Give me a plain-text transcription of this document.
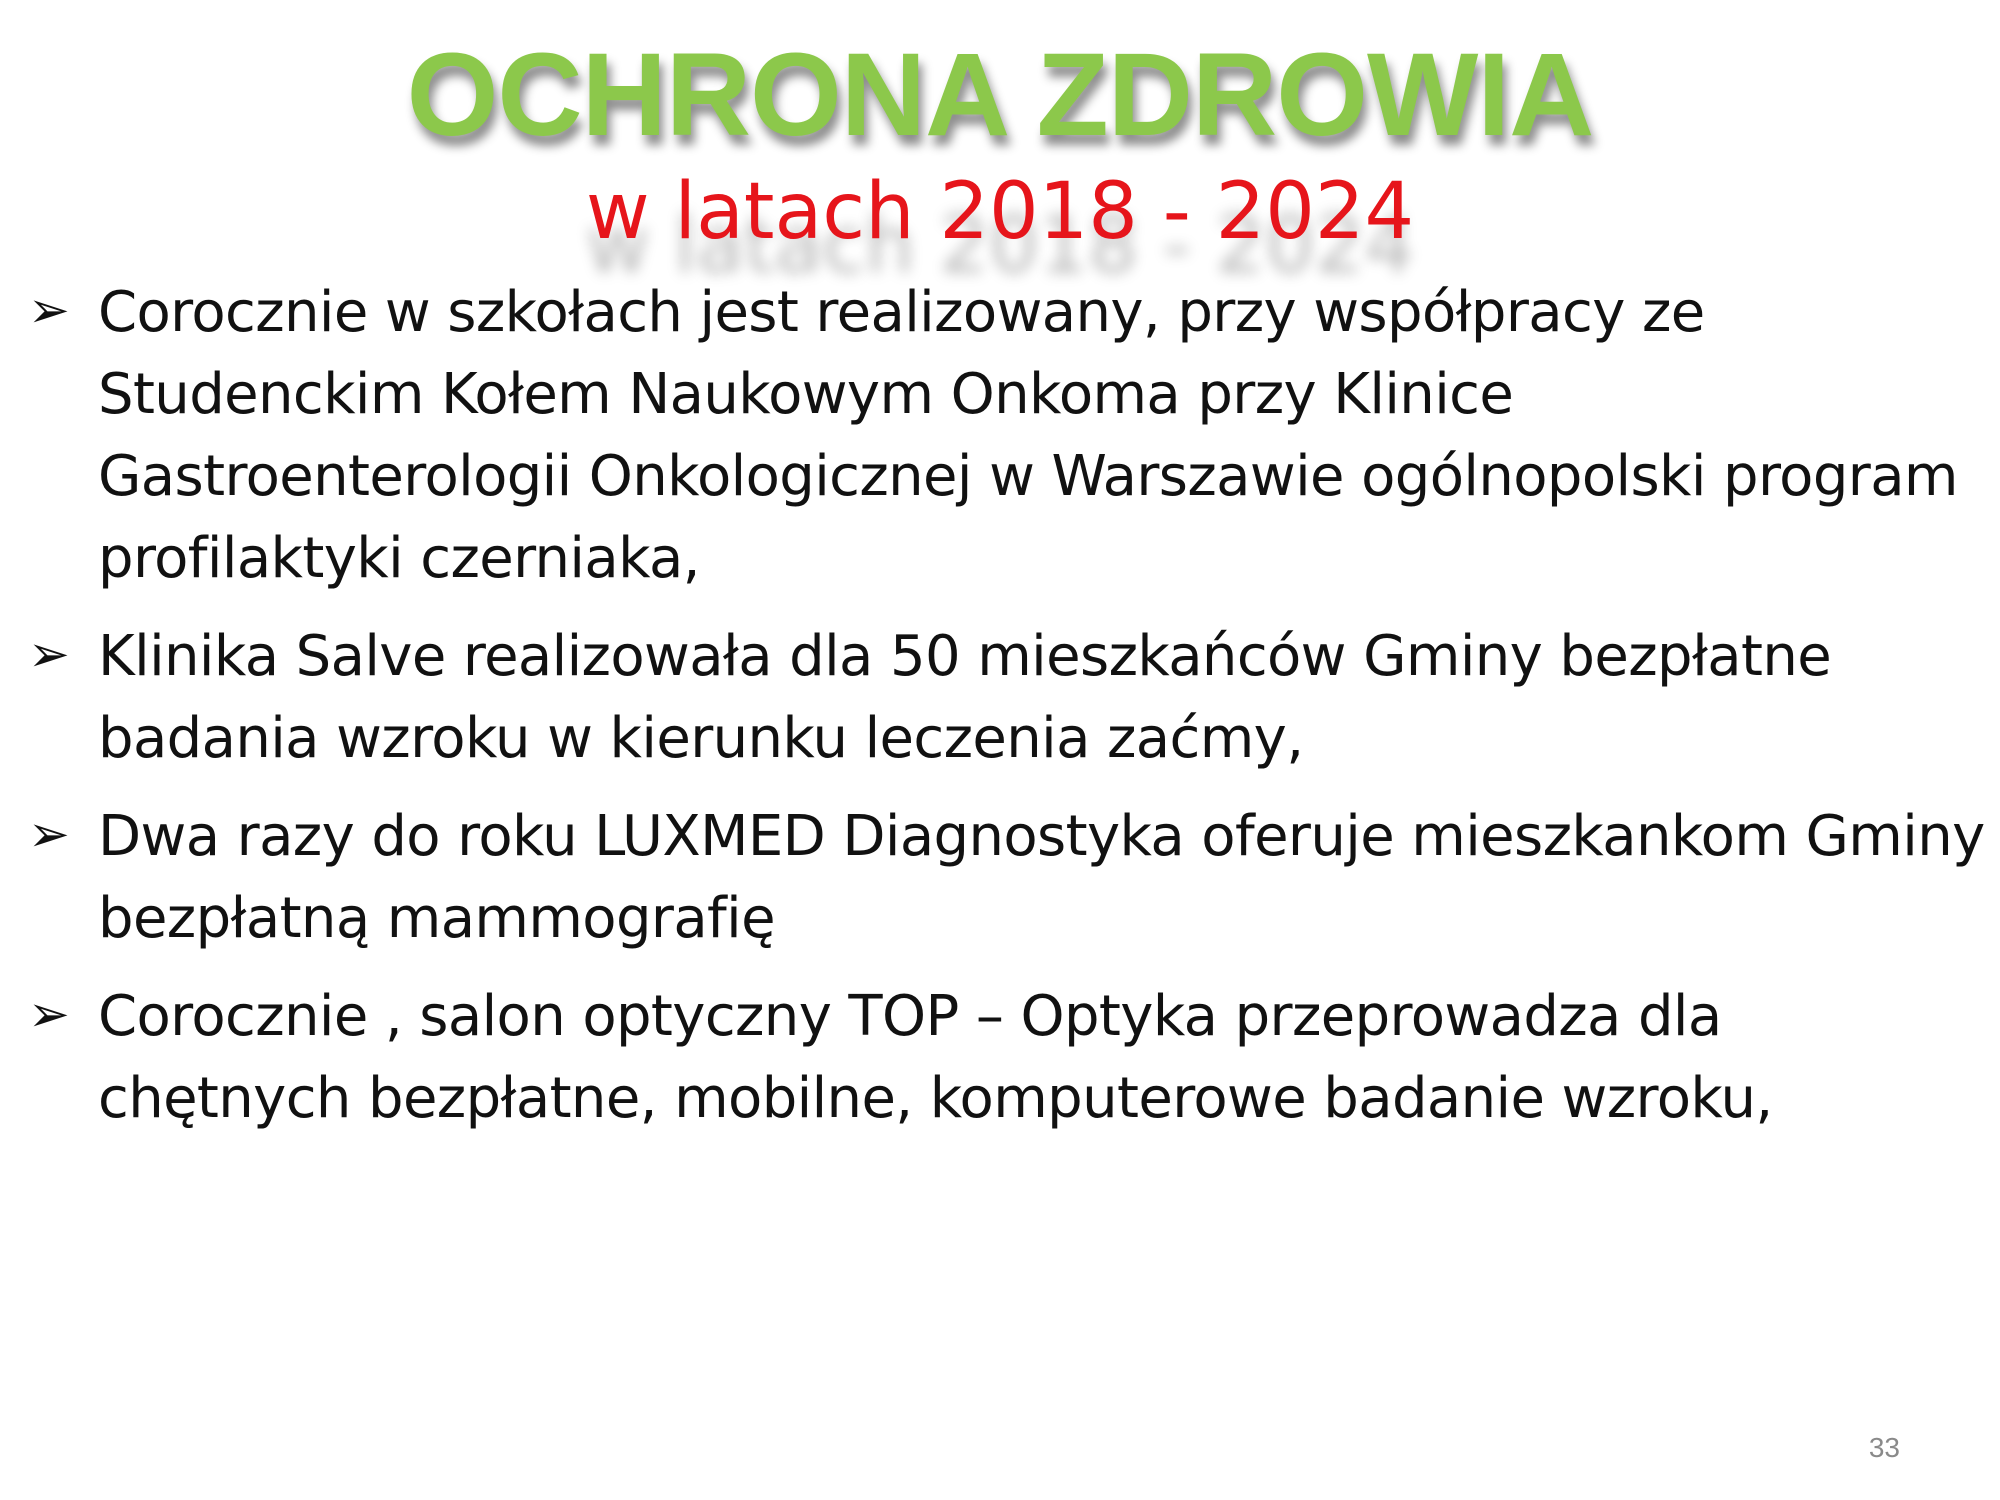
OCHRONA ZDROWIA
w latach 2018 - 2024
➢ Corocznie w szkołach jest realizowany, przy współpracy ze Studenckim Kołem Naukowym Onkoma przy Klinice Gastroenterologii Onkologicznej w Warszawie ogólnopolski program profilaktyki czerniaka,
➢ Klinika Salve realizowała dla 50 mieszkańców Gminy bezpłatne badania wzroku w kierunku leczenia zaćmy,
➢ Dwa razy do roku LUXMED Diagnostyka oferuje mieszkankom Gminy bezpłatną mammografię
➢ Corocznie , salon optyczny TOP – Optyka przeprowadza dla chętnych bezpłatne, mobilne, komputerowe badanie wzroku,
33
